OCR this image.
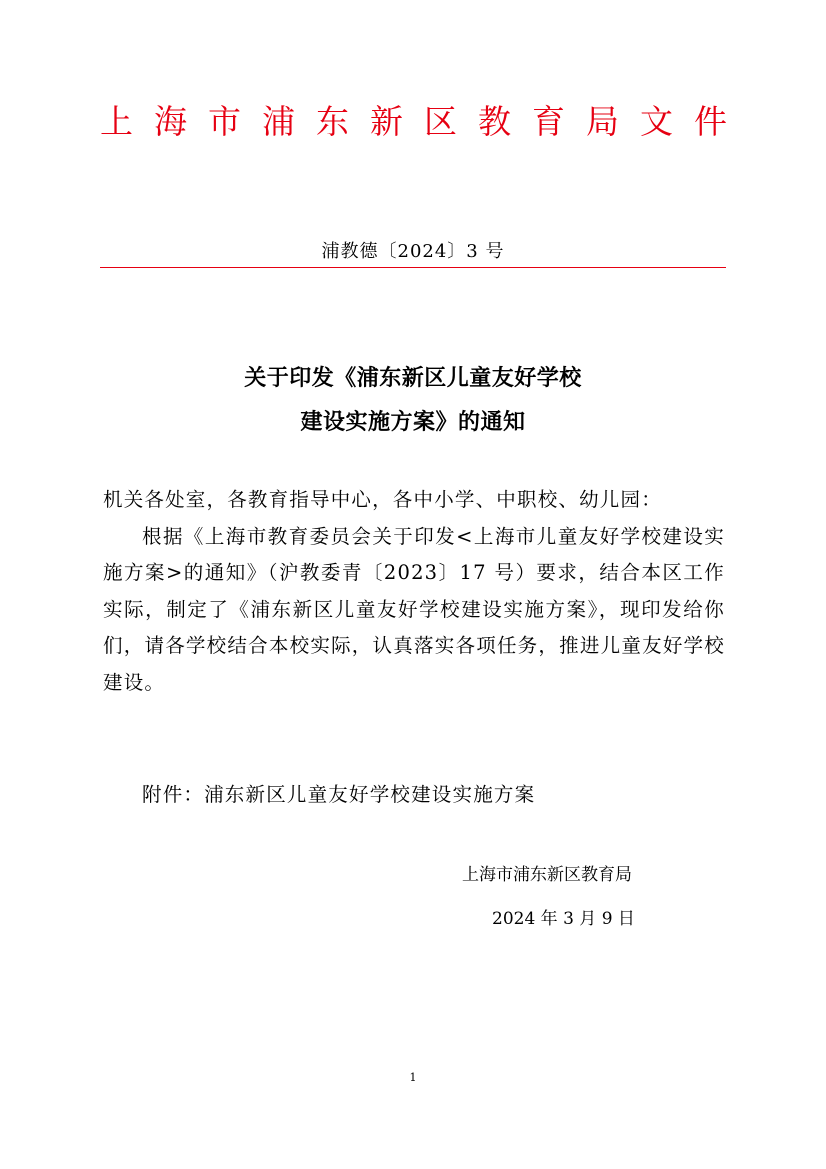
上海市浦东新区教育局文件
浦教德〔2024〕3 号
关于印发《浦东新区儿童友好学校
建设实施方案》的通知
机关各处室，各教育指导中心，各中小学、中职校、幼儿园：

根据《上海市教育委员会关于印发<上海市儿童友好学校建设实施方案>的通知》（沪教委青〔2023〕17 号）要求，结合本区工作实际，制定了《浦东新区儿童友好学校建设实施方案》，现印发给你们，请各学校结合本校实际，认真落实各项任务，推进儿童友好学校建设。

附件：浦东新区儿童友好学校建设实施方案
上海市浦东新区教育局
2024 年 3 月 9 日
1
